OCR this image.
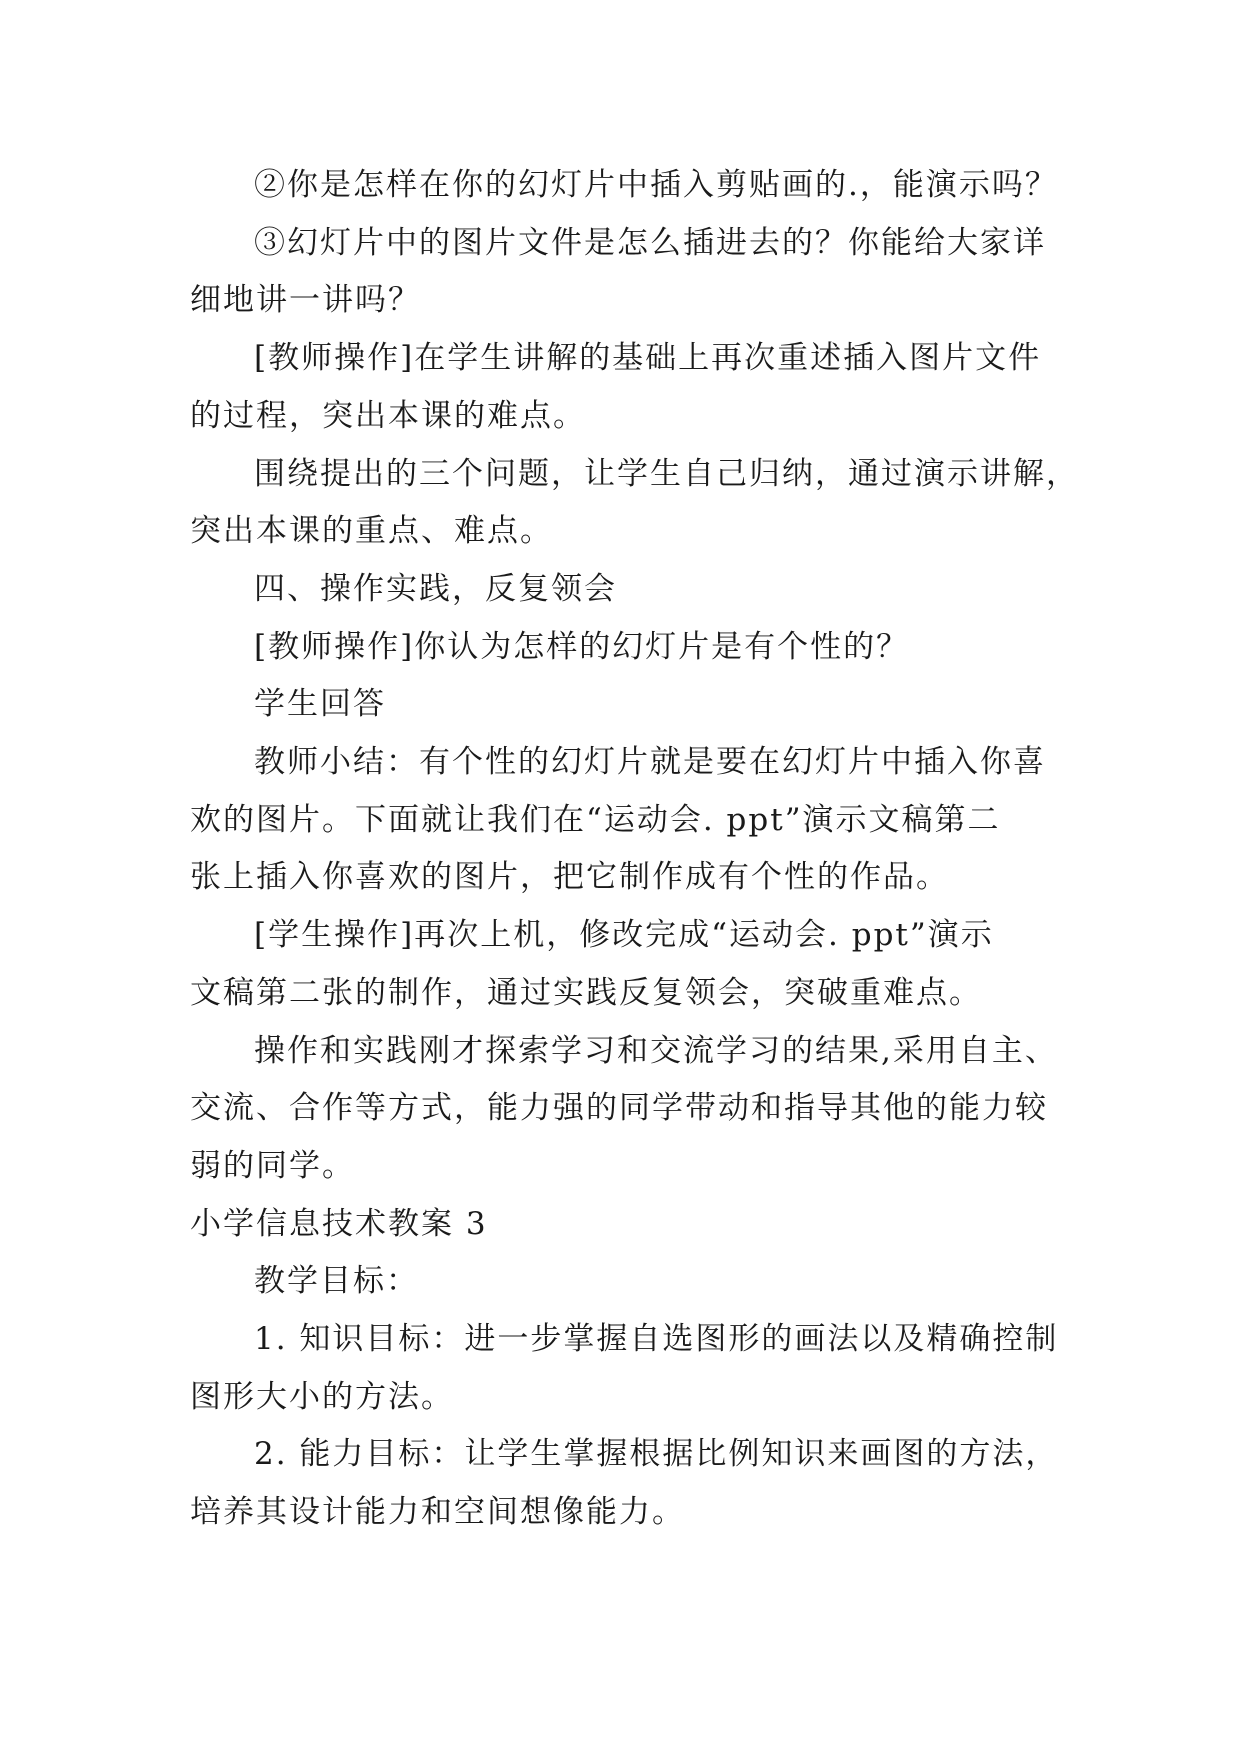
②你是怎样在你的幻灯片中插入剪贴画的.，能演示吗？
③幻灯片中的图片文件是怎么插进去的？你能给大家详
细地讲一讲吗？
[教师操作]在学生讲解的基础上再次重述插入图片文件
的过程，突出本课的难点。
围绕提出的三个问题，让学生自己归纳，通过演示讲解，
突出本课的重点、难点。
四、操作实践，反复领会
[教师操作]你认为怎样的幻灯片是有个性的？
学生回答
教师小结：有个性的幻灯片就是要在幻灯片中插入你喜
欢的图片。下面就让我们在“运动会. ppt”演示文稿第二
张上插入你喜欢的图片，把它制作成有个性的作品。
[学生操作]再次上机，修改完成“运动会. ppt”演示
文稿第二张的制作，通过实践反复领会，突破重难点。
操作和实践刚才探索学习和交流学习的结果,采用自主、
交流、合作等方式，能力强的同学带动和指导其他的能力较
弱的同学。
小学信息技术教案 3
教学目标：
1. 知识目标：进一步掌握自选图形的画法以及精确控制
图形大小的方法。
2. 能力目标：让学生掌握根据比例知识来画图的方法，
培养其设计能力和空间想像能力。
